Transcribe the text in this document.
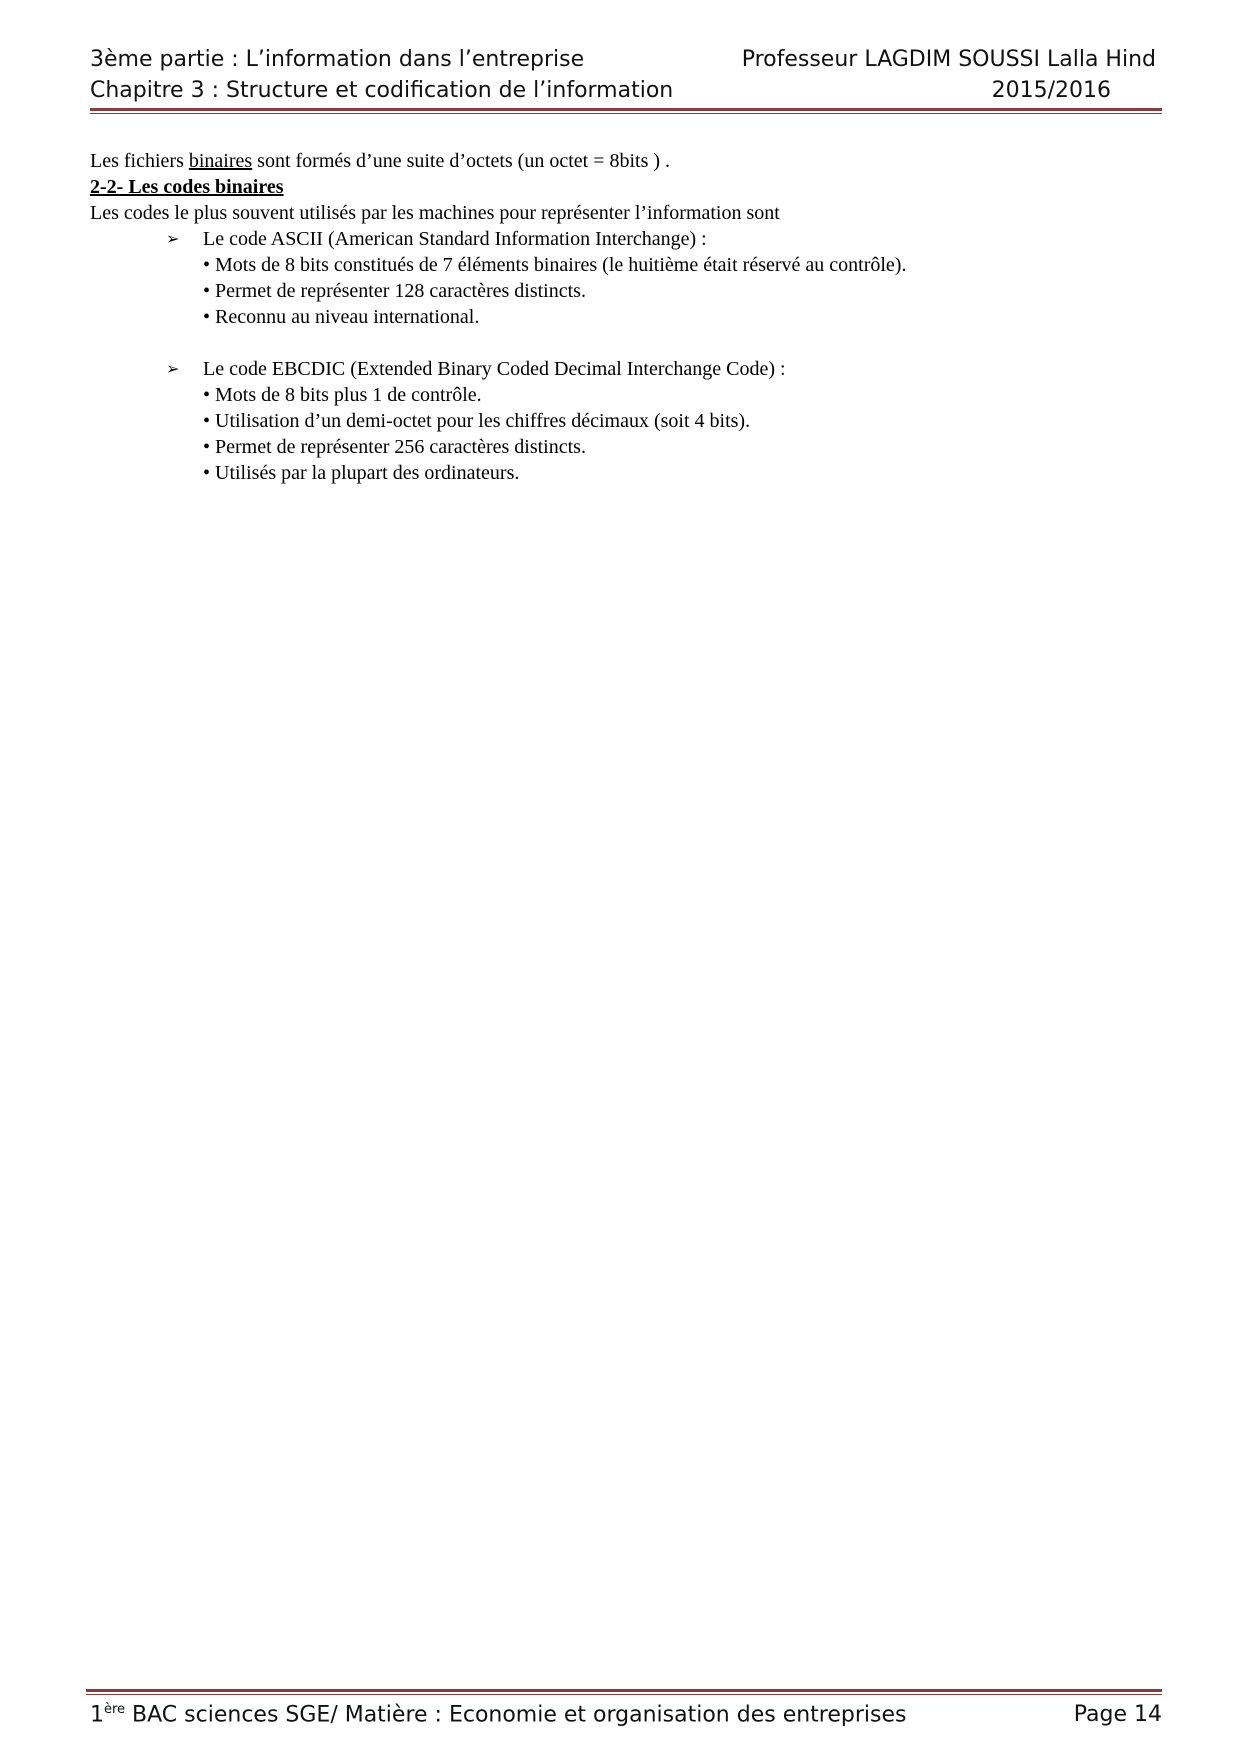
3ème partie : L’information dans l’entreprise	Professeur LAGDIM SOUSSI Lalla Hind
Chapitre 3 : Structure et codification de l’information	2015/2016

Les fichiers binaires sont formés d’une suite d’octets (un octet = 8bits ) .

2-2- Les codes binaires

Les codes le plus souvent utilisés par les machines pour représenter l’information sont

➢	Le code ASCII (American Standard Information Interchange) :
• Mots de 8 bits constitués de 7 éléments binaires (le huitième était réservé au contrôle).
• Permet de représenter 128 caractères distincts.
• Reconnu au niveau international.
➢	Le code EBCDIC (Extended Binary Coded Decimal Interchange Code) :
• Mots de 8 bits plus 1 de contrôle.
• Utilisation d’un demi-octet pour les chiffres décimaux (soit 4 bits).
• Permet de représenter 256 caractères distincts.
• Utilisés par la plupart des ordinateurs.
1ère BAC sciences SGE/ Matière : Economie et organisation des entreprises	Page 14
